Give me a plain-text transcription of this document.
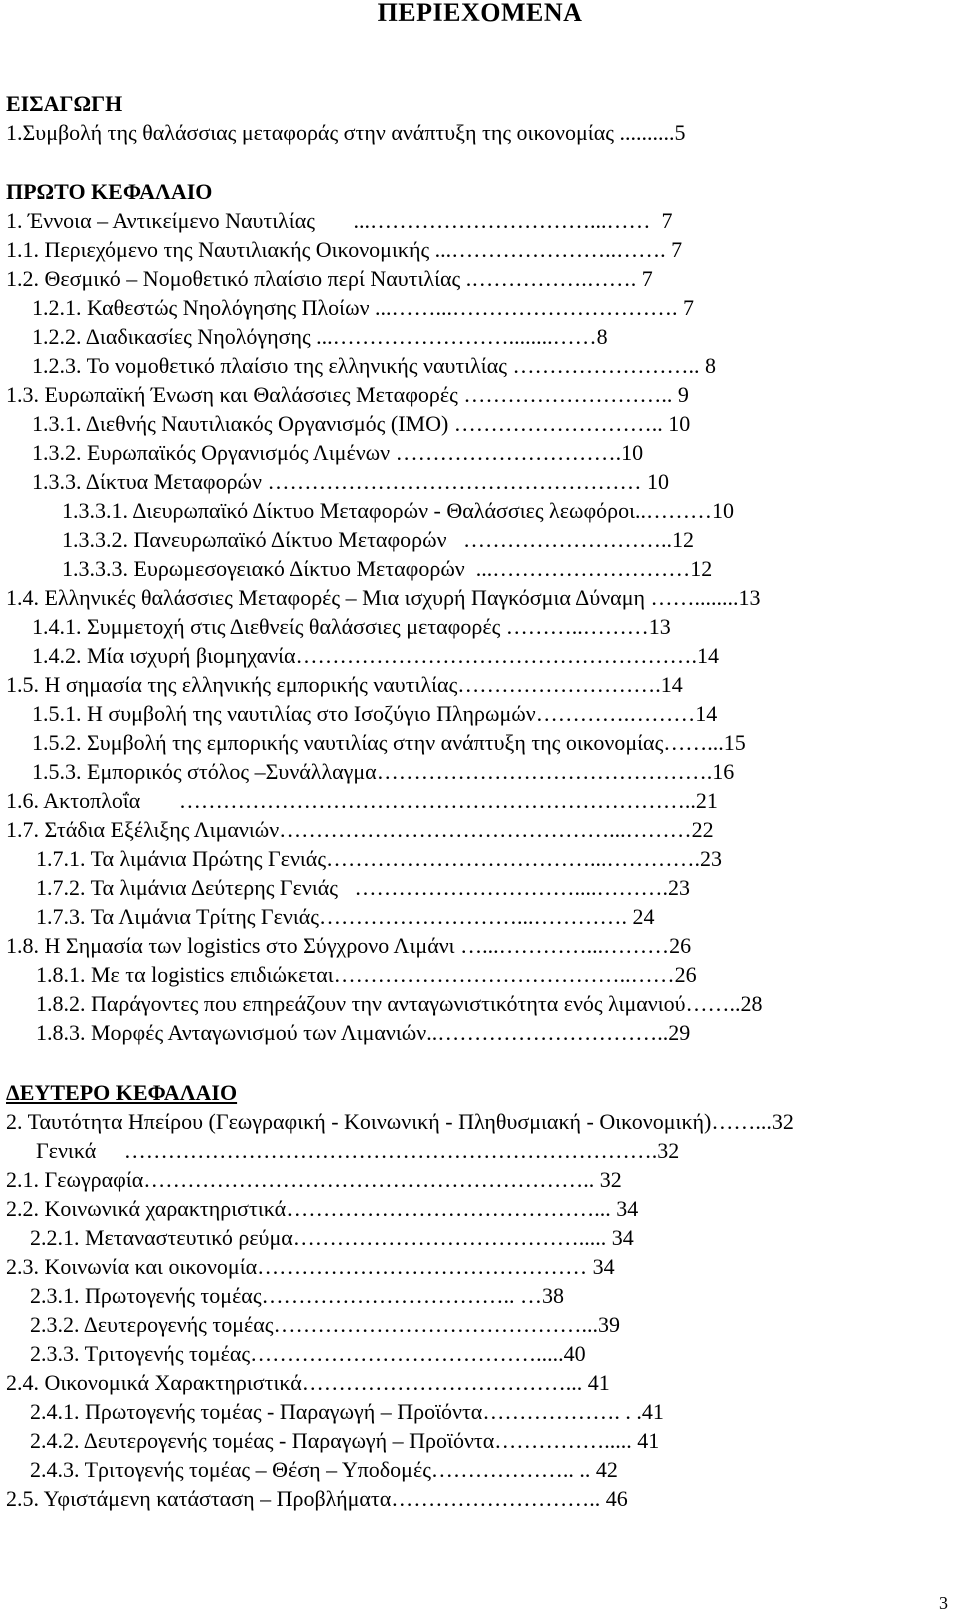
ΠΕΡΙΕΧΟΜΕΝΑ
ΕΙΣΑΓΩΓΗ
1.Συμβολή της θαλάσσιας μεταφοράς στην ανάπτυξη της οικονομίας ..........5
ΠΡΩΤΟ ΚΕΦΑΛΑΙΟ
1. Έννοια – Αντικείμενο Ναυτιλίας       ...…………………………...……  7
1.1. Περιεχόμενο της Ναυτιλιακής Οικονομικής ...…………………..……. 7
1.2. Θεσμικό – Νομοθετικό πλαίσιο περί Ναυτιλίας .…………….……. 7
1.2.1. Καθεστώς Νηολόγησης Πλοίων ...……...…………………………. 7
1.2.2. Διαδικασίες Νηολόγησης ...……………………........……8
1.2.3. Το νομοθετικό πλαίσιο της ελληνικής ναυτιλίας …………………….. 8
1.3. Ευρωπαϊκή Ένωση και Θαλάσσιες Μεταφορές ……………………….. 9
1.3.1. Διεθνής Ναυτιλιακός Οργανισμός (ΙΜΟ) ……………………….. 10
1.3.2. Ευρωπαϊκός Οργανισμός Λιμένων ………………………….10
1.3.3. Δίκτυα Μεταφορών …………………………………………… 10
1.3.3.1. Διευρωπαϊκό Δίκτυο Μεταφορών - Θαλάσσιες λεωφόροι..………10
1.3.3.2. Πανευρωπαϊκό Δίκτυο Μεταφορών   ………………………..12
1.3.3.3. Ευρωμεσογειακό Δίκτυο Μεταφορών  ...………………………12
1.4. Ελληνικές θαλάσσιες Μεταφορές – Μια ισχυρή Παγκόσμια Δύναμη ……........13
1.4.1. Συμμετοχή στις Διεθνείς θαλάσσιες μεταφορές ………..………13
1.4.2. Μία ισχυρή βιομηχανία……………………………………………….14
1.5. Η σημασία της ελληνικής εμπορικής ναυτιλίας……………………….14
1.5.1. Η συμβολή της ναυτιλίας στο Ισοζύγιο Πληρωμών………….………14
1.5.2. Συμβολή της εμπορικής ναυτιλίας στην ανάπτυξη της οικονομίας……...15
1.5.3. Εμπορικός στόλος –Συνάλλαγμα……………………………………….16
1.6. Ακτοπλοΐα       ……………………………………………………………..21
1.7. Στάδια Εξέλιξης Λιμανιών………………………………………...………22
1.7.1. Τα λιμάνια Πρώτης Γενιάς………………………………...………….23
1.7.2. Τα λιμάνια Δεύτερης Γενιάς   …………………………....……….23
1.7.3. Τα Λιμάνια Τρίτης Γενιάς………………………...…………. 24
1.8. Η Σημασία των logistics στο Σύγχρονο Λιμάνι …...…………...………26
1.8.1. Με τα logistics επιδιώκεται…………………………………..……26
1.8.2. Παράγοντες που επηρεάζουν την ανταγωνιστικότητα ενός λιμανιού……..28
1.8.3. Μορφές Ανταγωνισμού των Λιμανιών..…………………………..29
ΔΕΥΤΕΡΟ ΚΕΦΑΛΑΙΟ
2. Ταυτότητα Ηπείρου (Γεωγραφική - Κοινωνική - Πληθυσμιακή - Οικονομική)……...32
Γενικά     ……………………………………………………………….32
2.1. Γεωγραφία…………………………………………………….. 32
2.2. Κοινωνικά χαρακτηριστικά……………………………………... 34
2.2.1. Μεταναστευτικό ρεύμα…………………………………..... 34
2.3. Κοινωνία και οικονομία……………………………………… 34
2.3.1. Πρωτογενής τομέας…………………………….. …38
2.3.2. Δευτερογενής τομέας……………………………………...39
2.3.3. Τριτογενής τομέας………………………………….....40
2.4. Οικονομικά Χαρακτηριστικά………………………………... 41
2.4.1. Πρωτογενής τομέας - Παραγωγή – Προϊόντα………………. . .41
2.4.2. Δευτερογενής τομέας - Παραγωγή – Προϊόντα……………..... 41
2.4.3. Τριτογενής τομέας – Θέση – Υποδομές……………….. .. 42
2.5. Υφιστάμενη κατάσταση – Προβλήματα……………………….. 46
3
